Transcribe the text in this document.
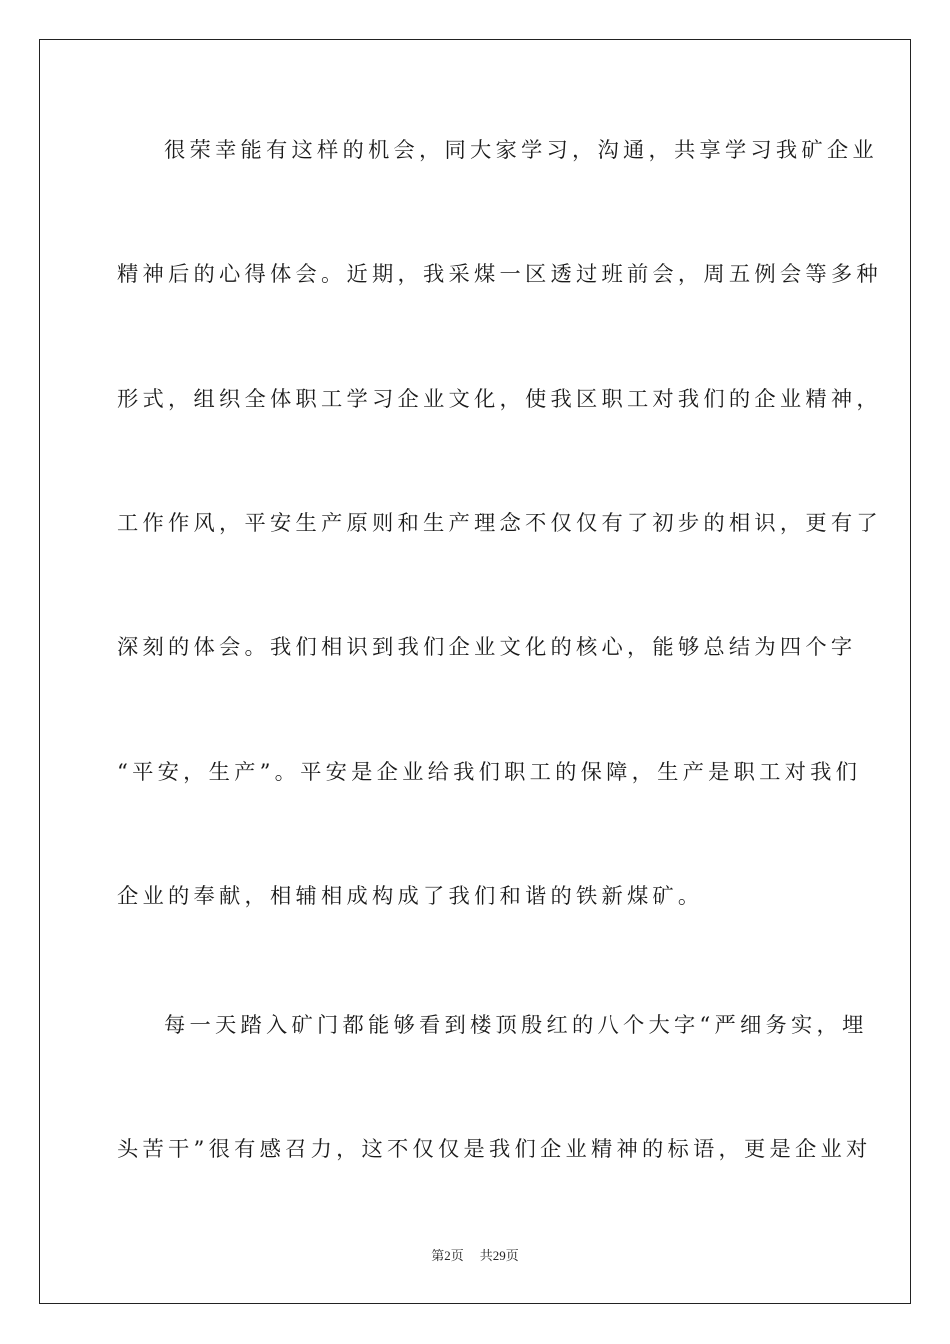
很荣幸能有这样的机会，同大家学习，沟通，共享学习我矿企业
精神后的心得体会。近期，我采煤一区透过班前会，周五例会等多种
形式，组织全体职工学习企业文化，使我区职工对我们的企业精神，
工作作风，平安生产原则和生产理念不仅仅有了初步的相识，更有了
深刻的体会。我们相识到我们企业文化的核心，能够总结为四个字
“平安，生产”。平安是企业给我们职工的保障，生产是职工对我们
企业的奉献，相辅相成构成了我们和谐的铁新煤矿。
每一天踏入矿门都能够看到楼顶殷红的八个大字“严细务实，埋
头苦干”很有感召力，这不仅仅是我们企业精神的标语，更是企业对
第2页 共29页
